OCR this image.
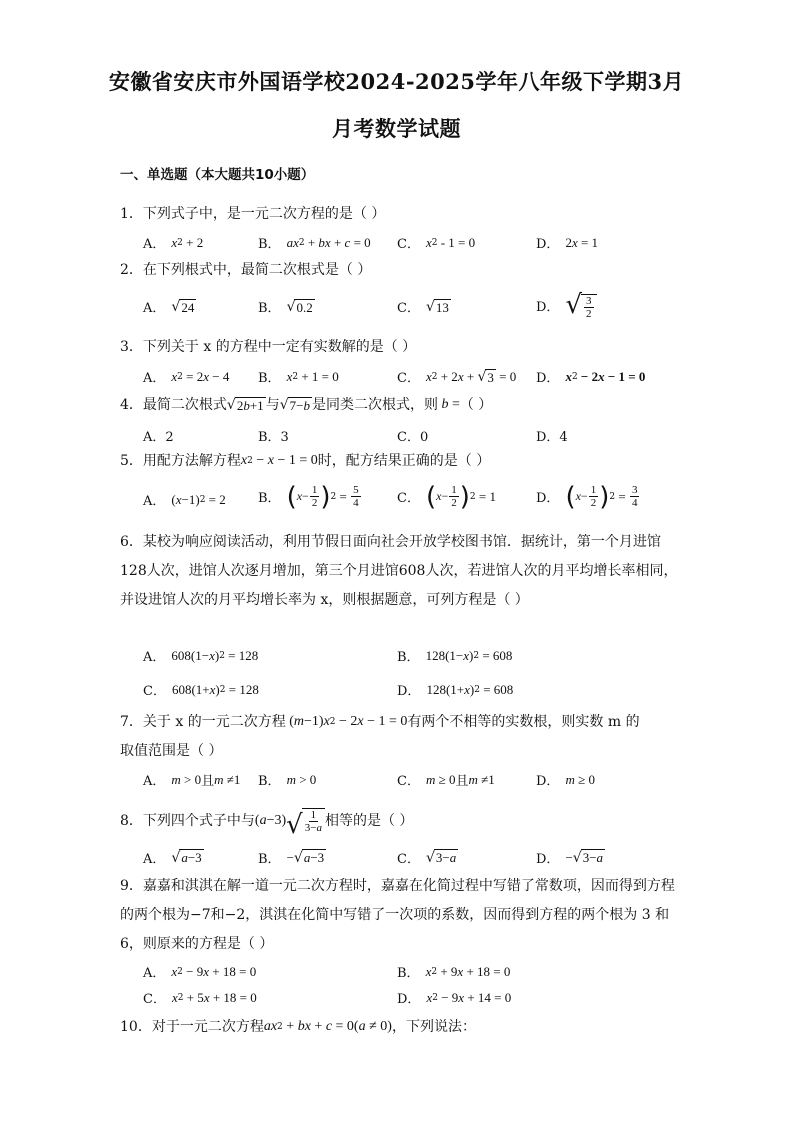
安徽省安庆市外国语学校2024-2025学年八年级下学期3月
月考数学试题
一、单选题（本大题共10小题）
1．下列式子中，是一元二次方程的是（ ）
A． x 2 + 2	B． ax 2 + bx + c = 0 C． x 2 - 1 = 0	D． 2 x = 1
2．在下列根式中，最简二次根式是（ ）
A． √ 24	B． √ 0.2	C． √ 13	D． √ $\frac{3}{2}$
3．下列关于 x 的方程中一定有实数解的是（ ）
A． x 2 = 2 x − 4 B． x 2 + 1 = 0	C． x 2 + 2 x + √ 3 = 0 D． x 2 − 2 x − 1 = 0
4．最简二次根式 √ 2b+1 与 √ 7−b 是同类二次根式，则 b = （ ）
A．2	B．3	C．0	D．4
5．用配方法解方程 x 2 − x − 1 = 0 时，配方结果正确的是（ ）
A． ( x −1) 2 = 2 B． ( $x - \frac{1}{2}$ ) $2 = \frac{5}{4}$	C． ( $x - \frac{1}{2}$ ) 2 = 1	D． ( $x - \frac{1}{2}$ ) $2 = \frac{3}{4}$
6．某校为响应阅读活动，利用节假日面向社会开放学校图书馆．据统计，第一个月进馆128人次，进馆人次逐月增加，第三个月进馆608人次，若进馆人次的月平均增长率相同，并设进馆人次的月平均增长率为 x，则根据题意，可列方程是（ ）
A． 608(1− x ) 2 = 128	B． 128(1− x ) 2 = 608
C． 608(1+ x ) 2 = 128	D． 128(1+ x ) 2 = 608
7．关于 x 的一元二次方程 ( m −1) x 2 − 2 x − 1 = 0 有两个不相等的实数根，则实数 m 的
取值范围是（ ）
A． m > 0 且 m ≠1 B． m > 0	C． m ≥ 0 且 m ≠1	D． m ≥ 0
8．下列四个式子中与 ( a −3) √ $\frac{1}{3-a}$ 相等的是（ ）
A． √ a−3	B． − √ a−3	C． √ 3−a	D． − √ 3−a
9．嘉嘉和淇淇在解一道一元二次方程时，嘉嘉在化简过程中写错了常数项，因而得到方程的两个根为−7和−2，淇淇在化简中写错了一次项的系数，因而得到方程的两个根为 3 和 6，则原来的方程是（ ）
A． x 2 − 9 x + 18 = 0	B． x 2 + 9 x + 18 = 0
C． x 2 + 5 x + 18 = 0	D． x 2 − 9 x + 14 = 0
10．对于一元二次方程 ax 2 + bx + c = 0( a ≠ 0) ，下列说法：
